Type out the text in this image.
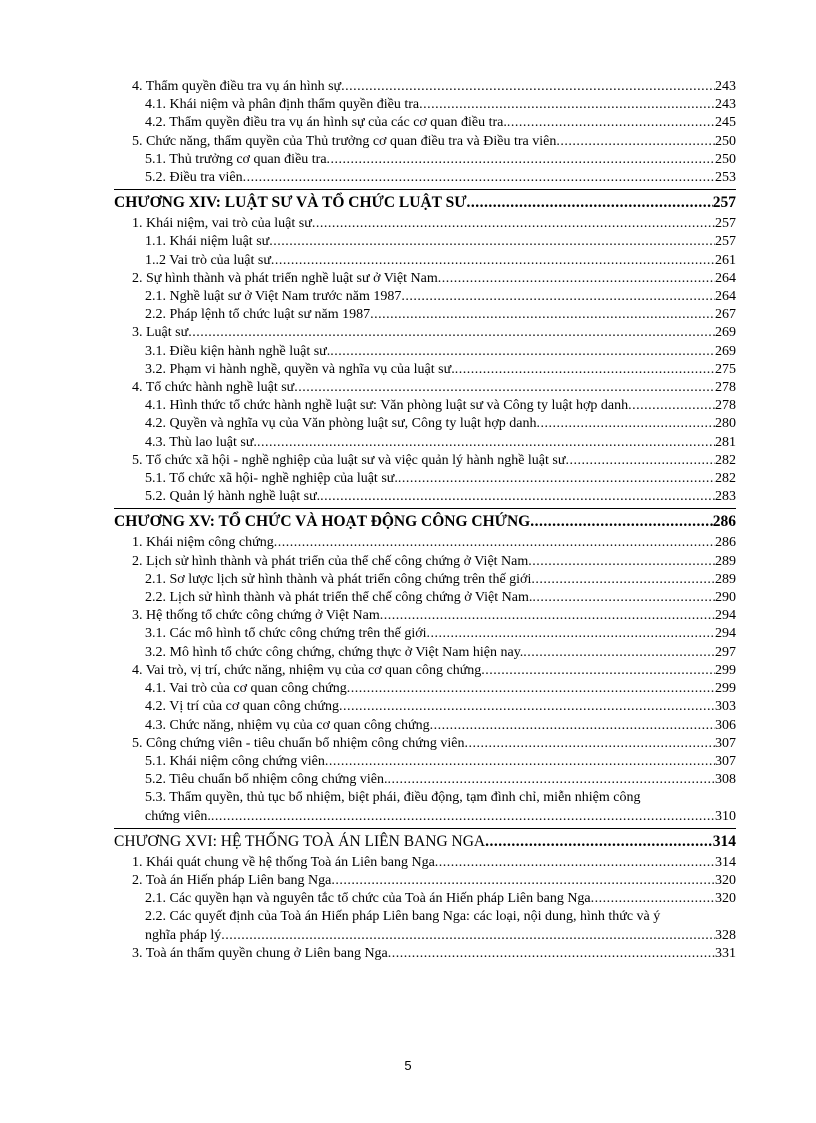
4. Thẩm quyền điều tra vụ án hình sự .....	243
4.1. Khái niệm và phân định thẩm quyền điều tra .....	243
4.2. Thẩm quyền điều tra vụ án hình sự của các cơ quan điều tra. .....	245
5. Chức năng, thẩm quyền của Thủ trưởng cơ quan điều tra và Điều tra viên .....	250
5.1. Thủ trưởng cơ quan điều tra .....	250
5.2. Điều tra viên .....	253
CHƯƠNG XIV: LUẬT SƯ VÀ TỔ CHỨC LUẬT SƯ .....	257
1. Khái niệm, vai trò của luật sư .....	257
1.1. Khái niệm luật sư .....	257
1..2 Vai trò của luật sư .....	261
2. Sự hình thành và phát triển nghề luật sư ở Việt Nam .....	264
2.1. Nghề luật sư ở Việt Nam trước năm 1987 .....	264
2.2. Pháp lệnh tổ chức luật sư năm 1987 .....	267
3. Luật sư .....	269
3.1. Điều kiện hành nghề luật sư. .....	269
3.2. Phạm vi hành nghề, quyền và nghĩa vụ của luật sư. .....	275
4. Tổ chức hành nghề luật sư .....	278
4.1. Hình thức tổ chức hành nghề luật sư: Văn phòng luật sư và Công ty luật hợp danh .....	278
4.2. Quyền và nghĩa vụ của Văn phòng luật sư, Công ty luật hợp danh .....	280
4.3. Thù lao luật sư. .....	281
5. Tổ chức xã hội - nghề nghiệp của luật sư và việc quản lý hành nghề luật sư .....	282
5.1. Tổ chức xã hội- nghề nghiệp của luật sư. .....	282
5.2. Quản lý hành nghề luật sư. .....	283
CHƯƠNG XV: TỔ CHỨC VÀ HOẠT ĐỘNG CÔNG CHỨNG .....	286
1. Khái niệm công chứng .....	286
2. Lịch sử hình thành và phát triển của thể chế công chứng ở Việt Nam .....	289
2.1. Sơ lược lịch sử hình thành và phát triển công chứng trên thế giới .....	289
2.2. Lịch sử hình thành và phát triển thể chế công chứng ở Việt Nam. .....	290
3. Hệ thống tổ chức công chứng ở Việt Nam .....	294
3.1. Các mô hình tổ chức công chứng trên thế giới .....	294
3.2. Mô hình tổ chức công chứng, chứng thực ở Việt Nam hiện nay. .....	297
4. Vai trò, vị trí, chức năng, nhiệm vụ của cơ quan công chứng .....	299
4.1. Vai trò của cơ quan công chứng .....	299
4.2. Vị trí của cơ quan công chứng .....	303
4.3. Chức năng, nhiệm vụ của cơ quan công chứng .....	306
5. Công chứng viên - tiêu chuẩn bổ nhiệm công chứng viên .....	307
5.1. Khái niệm công chứng viên .....	307
5.2. Tiêu chuẩn bổ nhiệm công chứng viên. .....	308
5.3. Thẩm quyền, thủ tục bổ nhiệm, biệt phái, điều động, tạm đình chỉ, miễn nhiệm công
chứng viên. .....	310
CHƯƠNG XVI: HỆ THỐNG TOÀ ÁN LIÊN BANG NGA .....	314
1. Khái quát chung về hệ thống Toà án Liên bang Nga .....	314
2. Toà án Hiến pháp Liên bang Nga .....	320
2.1. Các quyền hạn và nguyên tắc tổ chức của Toà án Hiến pháp Liên bang Nga .....	320
2.2. Các quyết định của Toà án Hiến pháp Liên bang Nga: các loại, nội dung, hình thức và ý
nghĩa pháp lý .....	328
3. Toà án thẩm quyền chung ở Liên bang Nga .....	331
5
